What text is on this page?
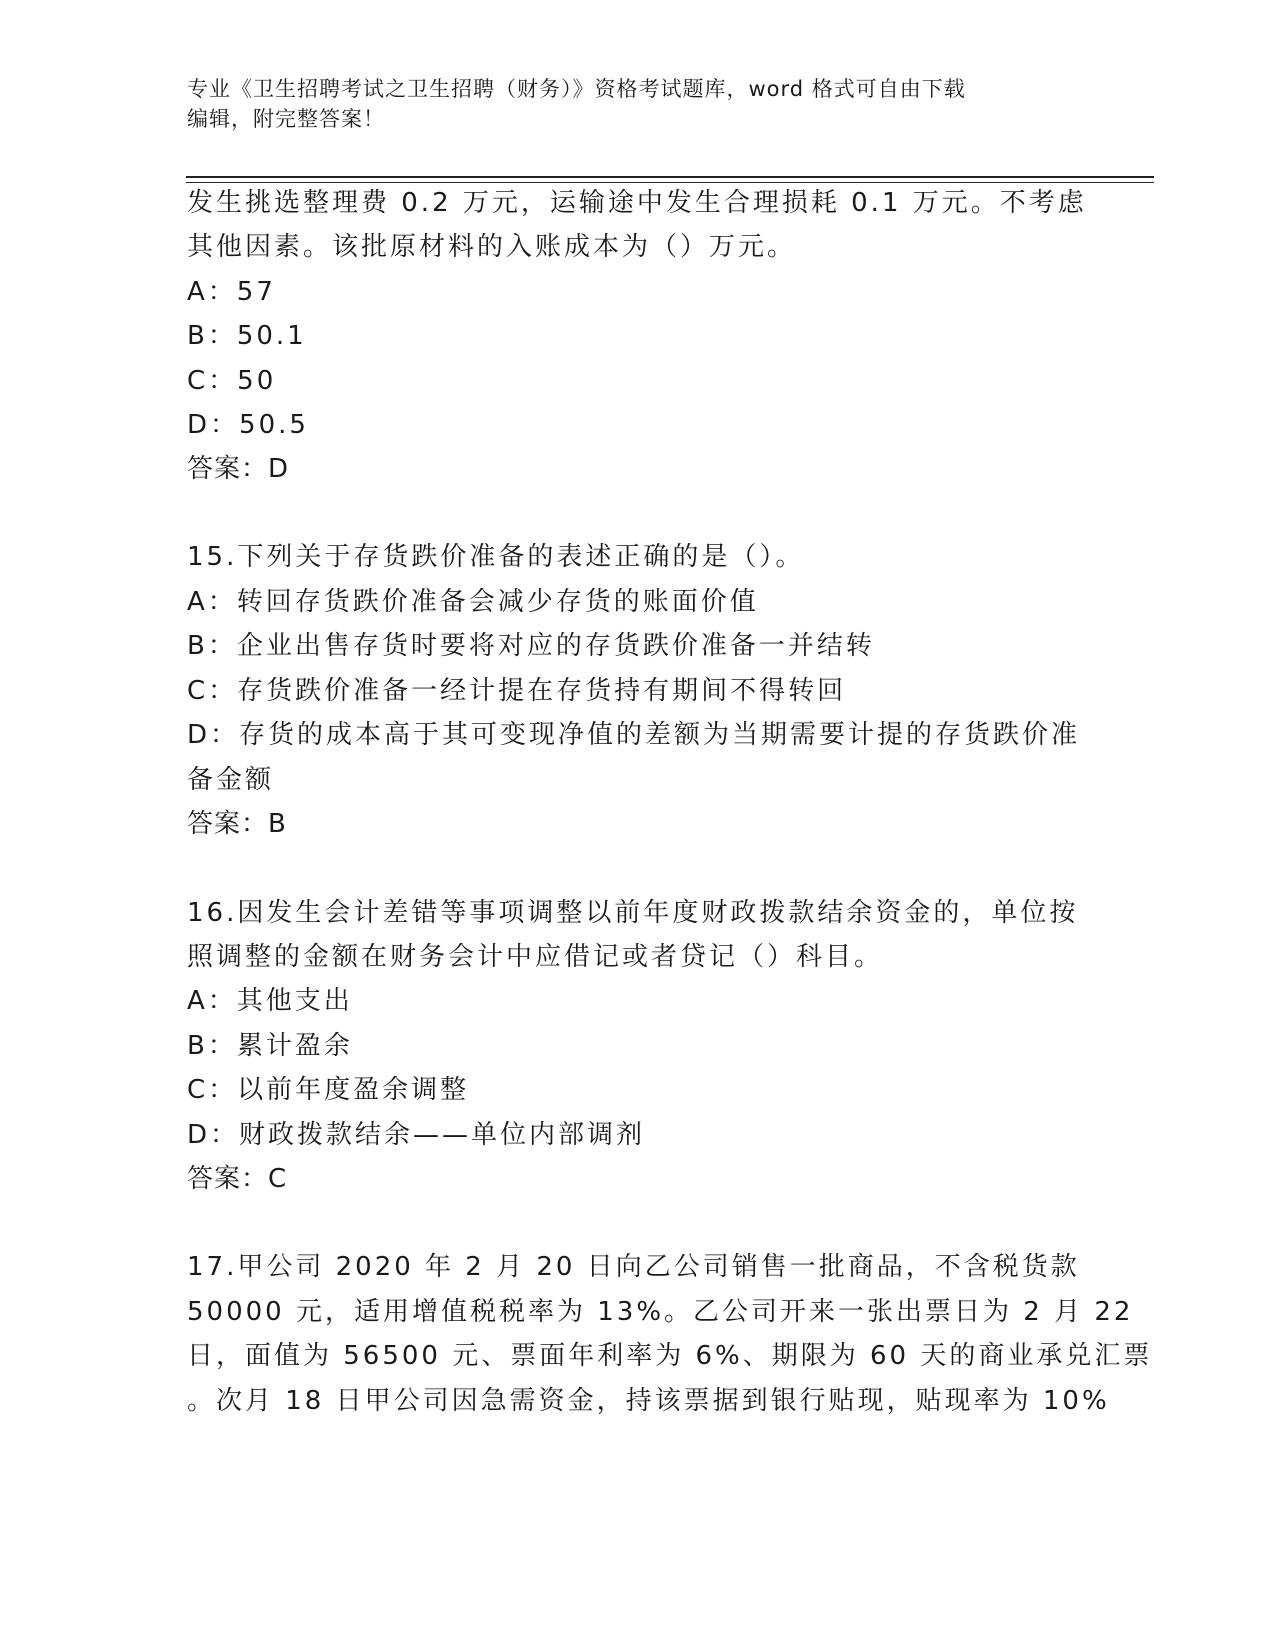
专业《卫生招聘考试之卫生招聘（财务）》资格考试题库，word 格式可自由下载
编辑，附完整答案！
发生挑选整理费 0.2 万元，运输途中发生合理损耗 0.1 万元。不考虑
其他因素。该批原材料的入账成本为（）万元。
A：57
B：50.1
C：50
D：50.5
答案：D
15.下列关于存货跌价准备的表述正确的是（）。
A：转回存货跌价准备会减少存货的账面价值
B：企业出售存货时要将对应的存货跌价准备一并结转
C：存货跌价准备一经计提在存货持有期间不得转回
D：存货的成本高于其可变现净值的差额为当期需要计提的存货跌价准
备金额
答案：B
16.因发生会计差错等事项调整以前年度财政拨款结余资金的，单位按
照调整的金额在财务会计中应借记或者贷记（）科目。
A：其他支出
B：累计盈余
C：以前年度盈余调整
D：财政拨款结余——单位内部调剂
答案：C
17.甲公司 2020 年 2 月 20 日向乙公司销售一批商品，不含税货款
50000 元，适用增值税税率为 13%。乙公司开来一张出票日为 2 月 22
日，面值为 56500 元、票面年利率为 6%、期限为 60 天的商业承兑汇票
。次月 18 日甲公司因急需资金，持该票据到银行贴现，贴现率为 10%
